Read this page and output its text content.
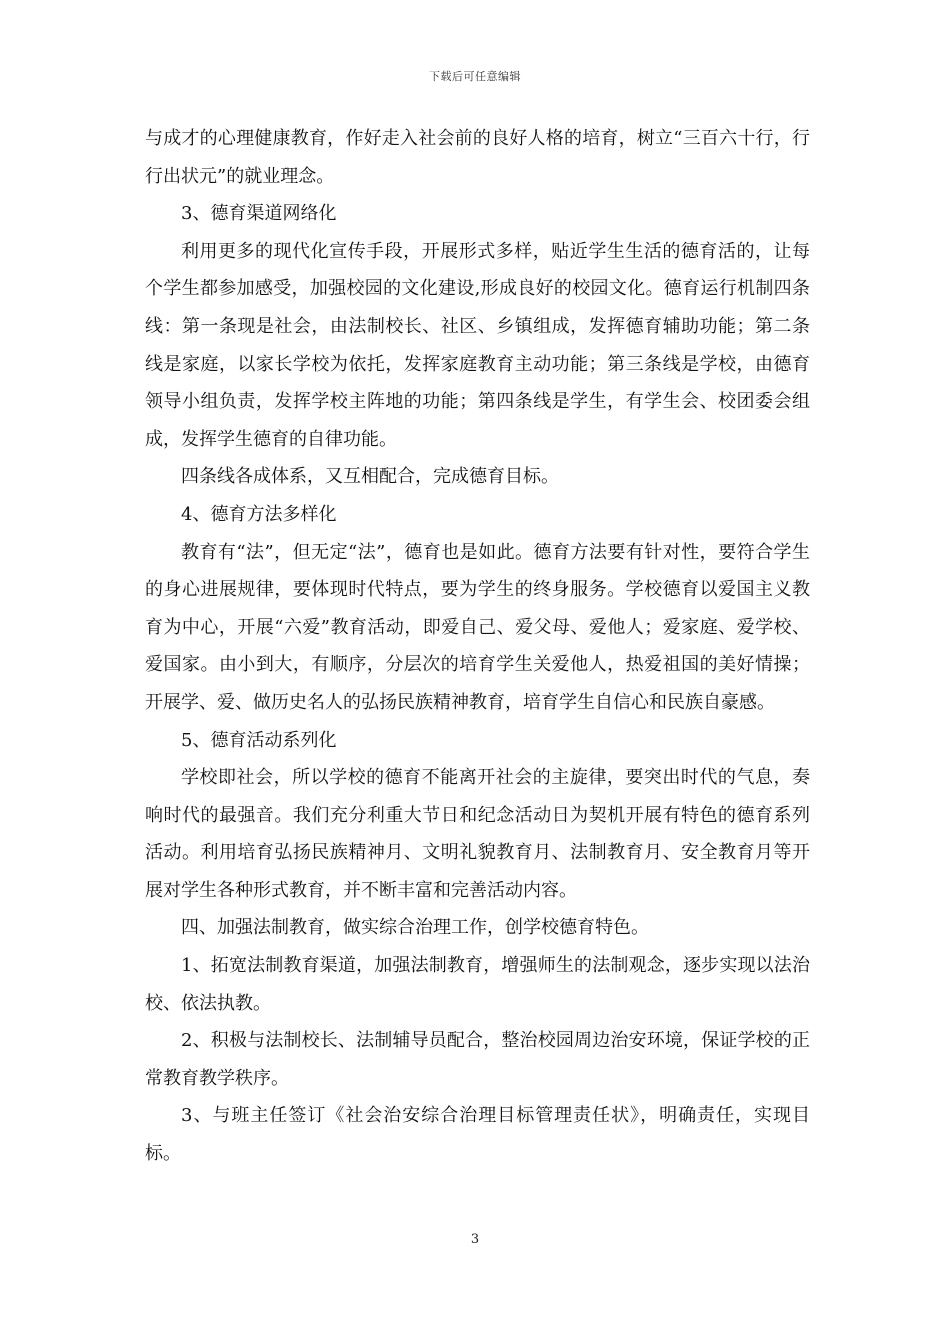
下载后可任意编辑

与成才的心理健康教育，作好走入社会前的良好人格的培育，树立“三百六十行，行行出状元”的就业理念。

3、德育渠道网络化

利用更多的现代化宣传手段，开展形式多样，贴近学生生活的德育活的，让每个学生都参加感受，加强校园的文化建设,形成良好的校园文化。德育运行机制四条线：第一条现是社会，由法制校长、社区、乡镇组成，发挥德育辅助功能；第二条线是家庭，以家长学校为依托，发挥家庭教育主动功能；第三条线是学校，由德育领导小组负责，发挥学校主阵地的功能；第四条线是学生，有学生会、校团委会组成，发挥学生德育的自律功能。

四条线各成体系，又互相配合，完成德育目标。

4、德育方法多样化

教育有“法”，但无定“法”，德育也是如此。德育方法要有针对性，要符合学生的身心进展规律，要体现时代特点，要为学生的终身服务。学校德育以爱国主义教育为中心，开展“六爱”教育活动，即爱自己、爱父母、爱他人；爱家庭、爱学校、爱国家。由小到大，有顺序，分层次的培育学生关爱他人，热爱祖国的美好情操；开展学、爱、做历史名人的弘扬民族精神教育，培育学生自信心和民族自豪感。

5、德育活动系列化

学校即社会，所以学校的德育不能离开社会的主旋律，要突出时代的气息，奏响时代的最强音。我们充分利重大节日和纪念活动日为契机开展有特色的德育系列活动。利用培育弘扬民族精神月、文明礼貌教育月、法制教育月、安全教育月等开展对学生各种形式教育，并不断丰富和完善活动内容。

四、加强法制教育，做实综合治理工作，创学校德育特色。

1、拓宽法制教育渠道，加强法制教育，增强师生的法制观念，逐步实现以法治校、依法执教。

2、积极与法制校长、法制辅导员配合，整治校园周边治安环境，保证学校的正常教育教学秩序。

3、与班主任签订《社会治安综合治理目标管理责任状》，明确责任，实现目标。

3
